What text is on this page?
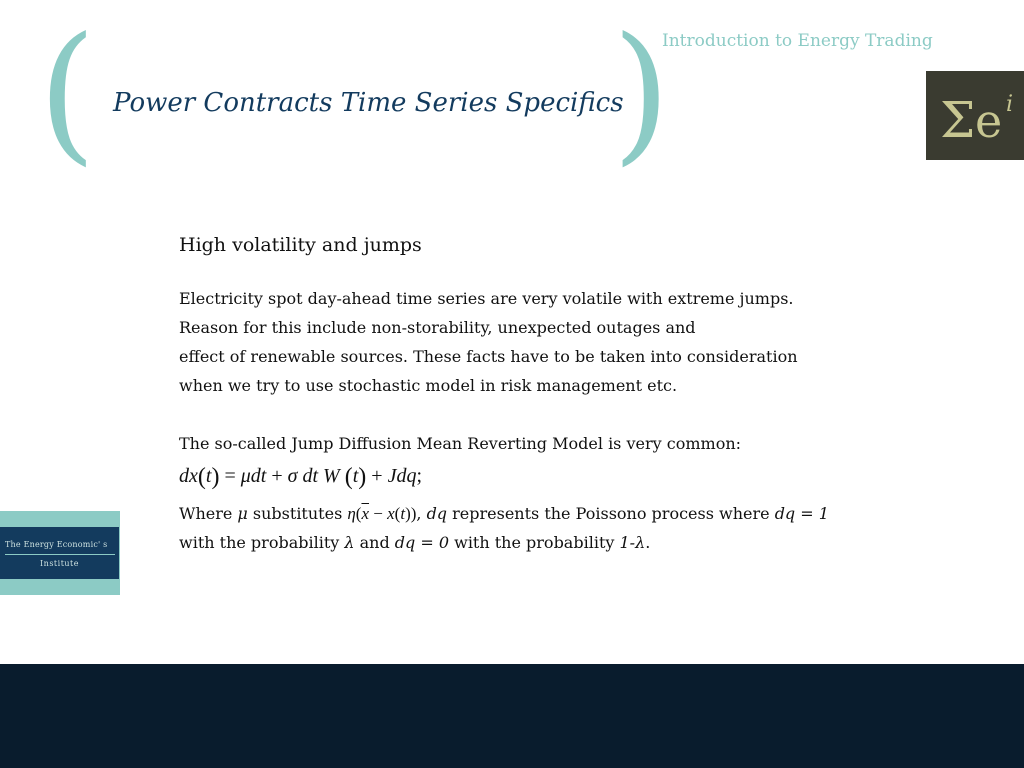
(	)
Power Contracts Time Series Specifics
Introduction to Energy Trading
Σ e i
The Energy Economic' s
Institute

High volatility and jumps

Electricity spot day-ahead time series are very volatile with extreme jumps.

Reason for this include non-storability, unexpected outages and

effect of renewable sources. These facts have to be taken into consideration

when we try to use stochastic model in risk management etc.

The so-called Jump Diffusion Mean Reverting Model is very common:

dx(t) = μdt + σ dt W (t) + Jdq;

Where μ substitutes $\eta(\overline{x} - x(t))$, dq represents the Poissono process where dq = 1

with the probability λ and dq = 0 with the probability 1-λ.
